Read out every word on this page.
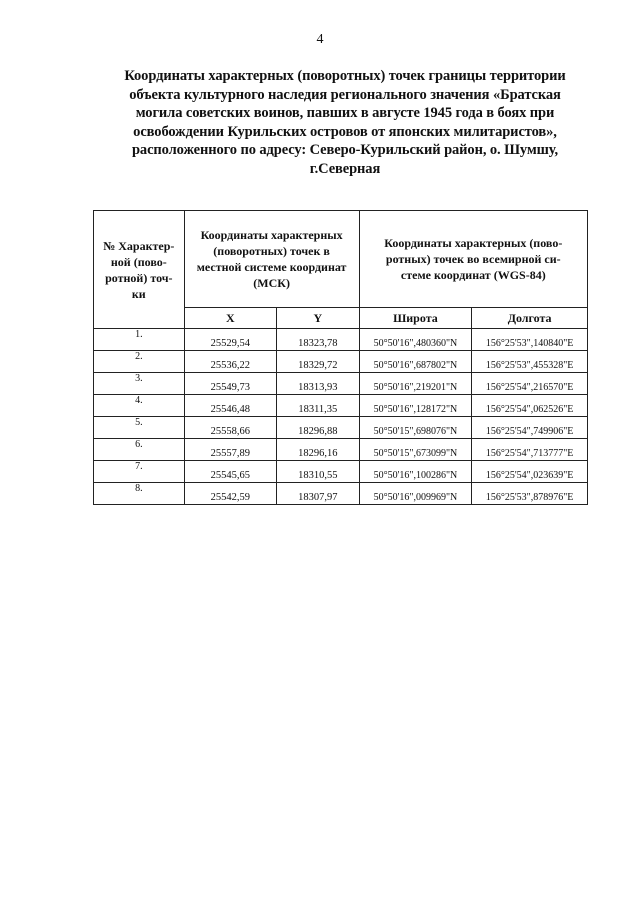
4
Координаты характерных (поворотных) точек границы территории
объекта культурного наследия регионального значения «Братская
могила советских воинов, павших в августе 1945 года в боях при
освобождении Курильских островов от японских милитаристов»,
расположенного по адресу: Северо-Курильский район, о. Шумшу,
г.Северная
№ Характер-
ной (пово-
ротной) точ-
ки	Координаты характерных
(поворотных) точек в
местной системе координат
(МСК)		Координаты характерных (пово-
ротных) точек во всемирной си-
стеме координат (WGS-84)	

	X	Y	Широта	Долгота
1.	25529,54	18323,78	50°50'16",480360"N	156°25'53",140840"E
2.	25536,22	18329,72	50°50'16",687802"N	156°25'53",455328"E
3.	25549,73	18313,93	50°50'16",219201"N	156°25'54",216570"E
4.	25546,48	18311,35	50°50'16",128172"N	156°25'54",062526"E
5.	25558,66	18296,88	50°50'15",698076"N	156°25'54",749906"E
6.	25557,89	18296,16	50°50'15",673099"N	156°25'54",713777"E
7.	25545,65	18310,55	50°50'16",100286"N	156°25'54",023639"E
8.	25542,59	18307,97	50°50'16",009969"N	156°25'53",878976"E
